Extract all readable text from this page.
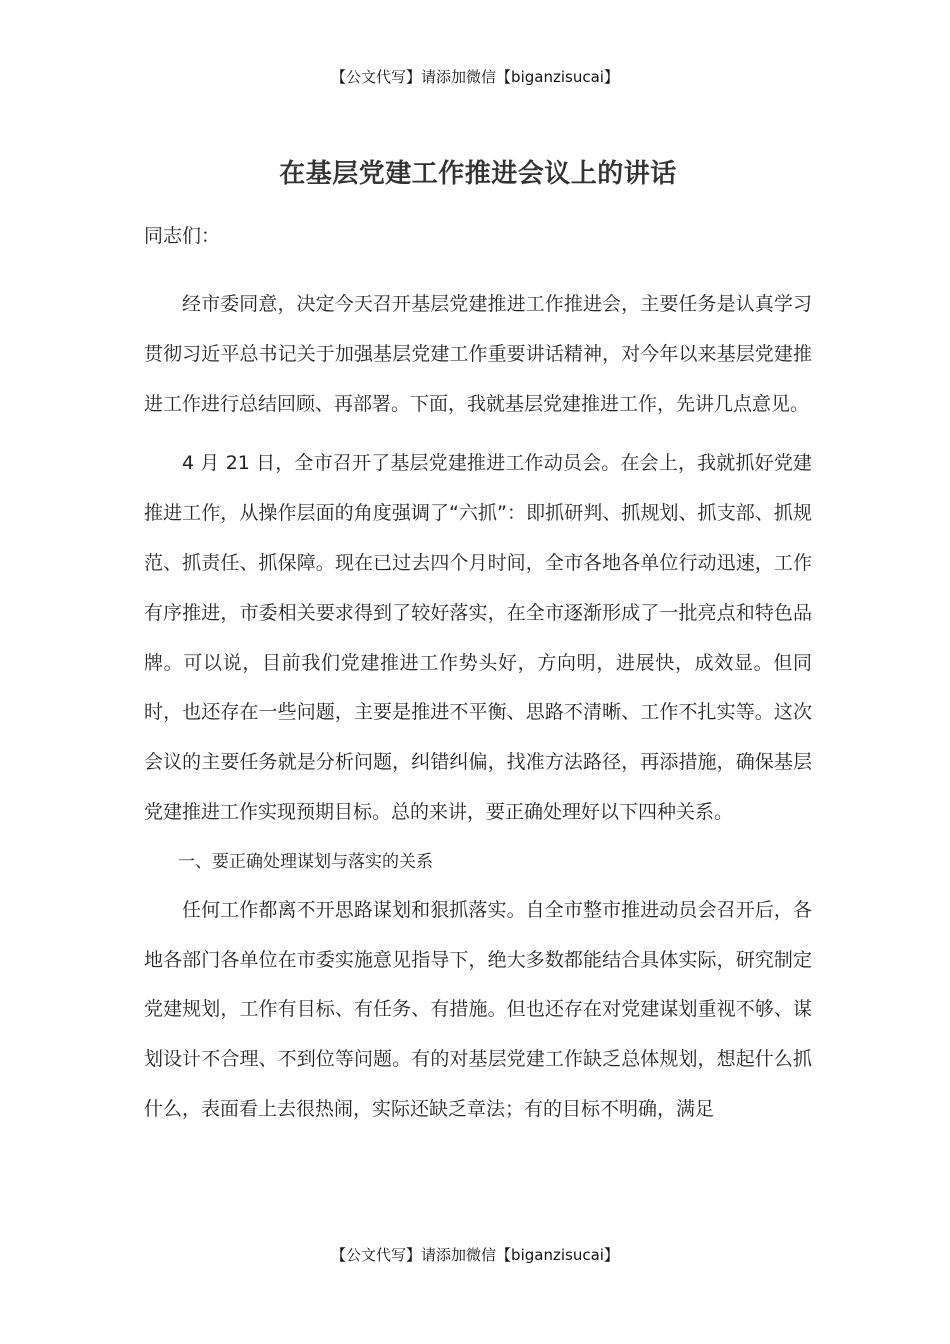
【公文代写】请添加微信【biganzisucai】
在基层党建工作推进会议上的讲话

同志们：

经市委同意，决定今天召开基层党建推进工作推进会，主要任务是认真学习贯彻习近平总书记关于加强基层党建工作重要讲话精神，对今年以来基层党建推进工作进行总结回顾、再部署。下面，我就基层党建推进工作，先讲几点意见。

4 月 21 日，全市召开了基层党建推进工作动员会。在会上，我就抓好党建推进工作，从操作层面的角度强调了“六抓”：即抓研判、抓规划、抓支部、抓规范、抓责任、抓保障。现在已过去四个月时间，全市各地各单位行动迅速，工作有序推进，市委相关要求得到了较好落实，在全市逐渐形成了一批亮点和特色品牌。可以说，目前我们党建推进工作势头好，方向明，进展快，成效显。但同时，也还存在一些问题，主要是推进不平衡、思路不清晰、工作不扎实等。这次会议的主要任务就是分析问题，纠错纠偏，找准方法路径，再添措施，确保基层党建推进工作实现预期目标。总的来讲，要正确处理好以下四种关系。

一、要正确处理谋划与落实的关系

任何工作都离不开思路谋划和狠抓落实。自全市整市推进动员会召开后，各地各部门各单位在市委实施意见指导下，绝大多数都能结合具体实际，研究制定党建规划，工作有目标、有任务、有措施。但也还存在对党建谋划重视不够、谋划设计不合理、不到位等问题。有的对基层党建工作缺乏总体规划，想起什么抓什么，表面看上去很热闹，实际还缺乏章法；有的目标不明确，满足

【公文代写】请添加微信【biganzisucai】
